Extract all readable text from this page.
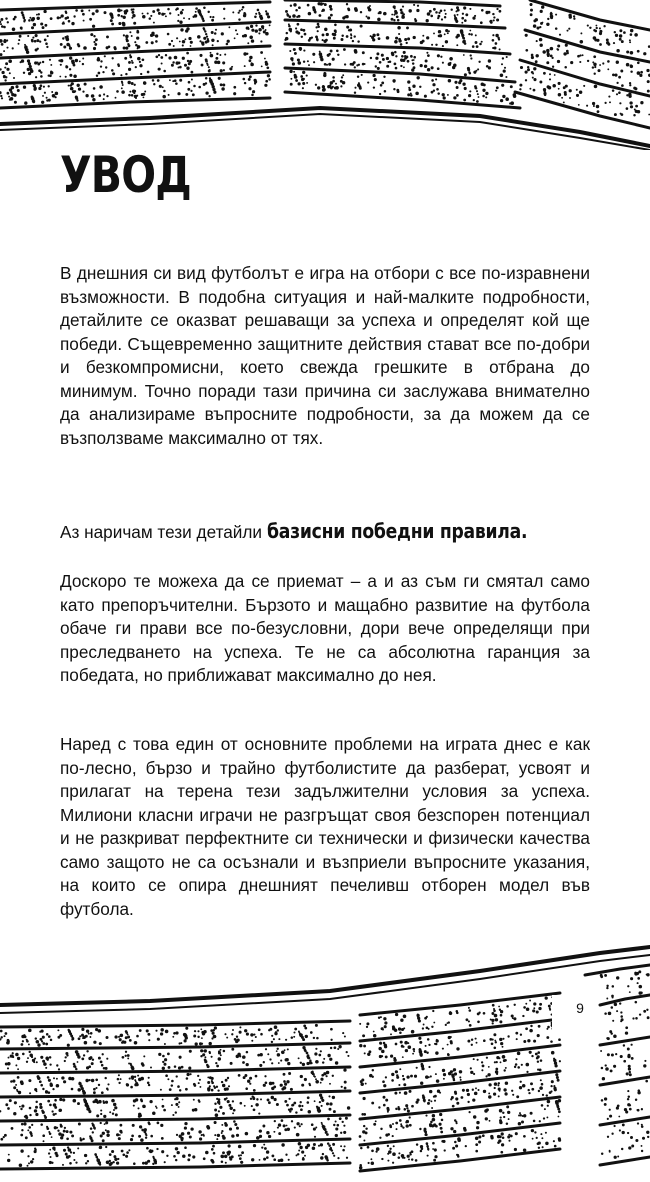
УВОД

В днешния си вид футболът е игра на отбори с все по-изравнени възможности. В подобна ситуация и най-малките подробности, детайлите се оказват решаващи за успеха и определят кой ще победи. Същевременно защитните действия стават все по-добри и безкомпромисни, което свежда грешките в отбрана до минимум. Точно поради тази причина си заслужава внимателно да анализираме въпросните подробности, за да можем да се възползваме максимално от тях.

Аз наричам тези детайли базисни победни правила.

Доскоро те можеха да се приемат – а и аз съм ги смятал само като препоръчителни. Бързото и мащабно развитие на футбола обаче ги прави все по-безусловни, дори вече определящи при преследването на успеха. Те не са абсолютна гаранция за победата, но приближават максимално до нея.

Наред с това един от основните проблеми на играта днес е как по-лесно, бързо и трайно футболистите да разберат, усвоят и прилагат на терена тези задължителни условия за успеха. Милиони класни играчи не разгръщат своя безспорен потенциал и не разкриват перфектните си технически и физически качества само защото не са осъзнали и възприели въпросните указания, на които се опира днешният печеливш отборен модел във футбола.

9
